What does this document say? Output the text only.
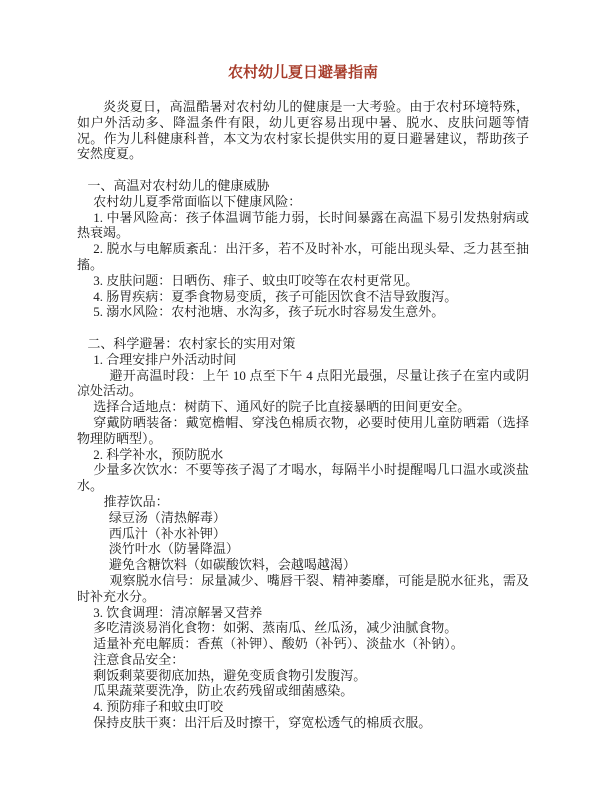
农村幼儿夏日避暑指南

炎炎夏日，高温酷暑对农村幼儿的健康是一大考验。由于农村环境特殊，如户外活动多、降温条件有限，幼儿更容易出现中暑、脱水、皮肤问题等情况。作为儿科健康科普，本文为农村家长提供实用的夏日避暑建议，帮助孩子安然度夏。

一、高温对农村幼儿的健康威胁

农村幼儿夏季常面临以下健康风险：

1. 中暑风险高：孩子体温调节能力弱，长时间暴露在高温下易引发热射病或热衰竭。

2. 脱水与电解质紊乱：出汗多，若不及时补水，可能出现头晕、乏力甚至抽搐。

3. 皮肤问题：日晒伤、痱子、蚊虫叮咬等在农村更常见。

4. 肠胃疾病：夏季食物易变质，孩子可能因饮食不洁导致腹泻。

5. 溺水风险：农村池塘、水沟多，孩子玩水时容易发生意外。

二、科学避暑：农村家长的实用对策

1. 合理安排户外活动时间

避开高温时段：上午 10 点至下午 4 点阳光最强，尽量让孩子在室内或阴凉处活动。

选择合适地点：树荫下、通风好的院子比直接暴晒的田间更安全。

穿戴防晒装备：戴宽檐帽、穿浅色棉质衣物，必要时使用儿童防晒霜（选择物理防晒型）。

2. 科学补水，预防脱水

少量多次饮水：不要等孩子渴了才喝水，每隔半小时提醒喝几口温水或淡盐水。

推荐饮品：

绿豆汤（清热解毒）

西瓜汁（补水补钾）

淡竹叶水（防暑降温）

避免含糖饮料（如碳酸饮料，会越喝越渴）

观察脱水信号：尿量减少、嘴唇干裂、精神萎靡，可能是脱水征兆，需及时补充水分。

3. 饮食调理：清凉解暑又营养

多吃清淡易消化食物：如粥、蒸南瓜、丝瓜汤，减少油腻食物。

适量补充电解质：香蕉（补钾）、酸奶（补钙）、淡盐水（补钠）。

注意食品安全：

剩饭剩菜要彻底加热，避免变质食物引发腹泻。

瓜果蔬菜要洗净，防止农药残留或细菌感染。

4. 预防痱子和蚊虫叮咬

保持皮肤干爽：出汗后及时擦干，穿宽松透气的棉质衣服。
